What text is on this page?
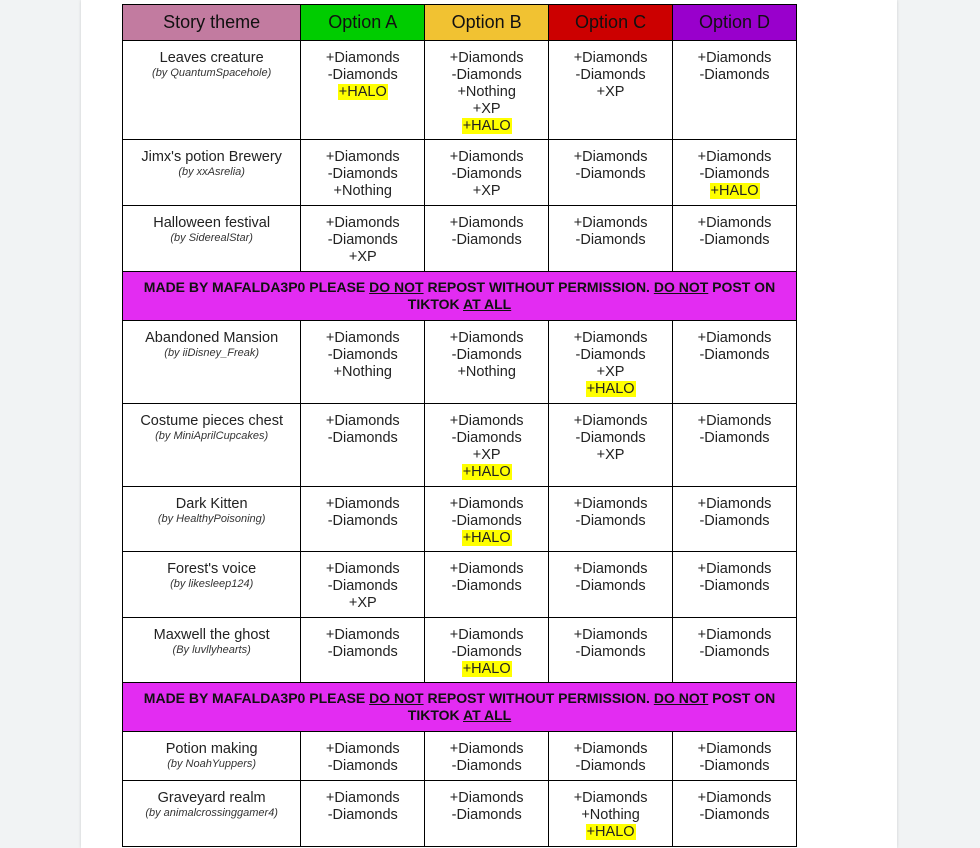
Story theme	Option A	Option B	Option C	Option D

Leaves creature
(by QuantumSpacehole)	+Diamonds
-Diamonds
+HALO	+Diamonds
-Diamonds
+Nothing
+XP
+HALO	+Diamonds
-Diamonds
+XP	+Diamonds
-Diamonds

Jimx's potion Brewery
(by xxAsrelia)	+Diamonds
-Diamonds
+Nothing	+Diamonds
-Diamonds
+XP	+Diamonds
-Diamonds	+Diamonds
-Diamonds
+HALO

Halloween festival
(by SiderealStar)	+Diamonds
-Diamonds
+XP	+Diamonds
-Diamonds	+Diamonds
-Diamonds	+Diamonds
-Diamonds

MADE BY MAFALDA3P0 PLEASE DO NOT REPOST WITHOUT PERMISSION. DO NOT POST ON TIKTOK AT ALL				

Abandoned Mansion
(by iiDisney_Freak)	+Diamonds
-Diamonds
+Nothing	+Diamonds
-Diamonds
+Nothing	+Diamonds
-Diamonds
+XP
+HALO	+Diamonds
-Diamonds

Costume pieces chest
(by MiniAprilCupcakes)	+Diamonds
-Diamonds	+Diamonds
-Diamonds
+XP
+HALO	+Diamonds
-Diamonds
+XP	+Diamonds
-Diamonds

Dark Kitten
(by HealthyPoisoning)	+Diamonds
-Diamonds	+Diamonds
-Diamonds
+HALO	+Diamonds
-Diamonds	+Diamonds
-Diamonds

Forest's voice
(by likesleep124)	+Diamonds
-Diamonds
+XP	+Diamonds
-Diamonds	+Diamonds
-Diamonds	+Diamonds
-Diamonds

Maxwell the ghost
(By luvllyhearts)	+Diamonds
-Diamonds	+Diamonds
-Diamonds
+HALO	+Diamonds
-Diamonds	+Diamonds
-Diamonds

MADE BY MAFALDA3P0 PLEASE DO NOT REPOST WITHOUT PERMISSION. DO NOT POST ON TIKTOK AT ALL				

Potion making
(by NoahYuppers)	+Diamonds
-Diamonds	+Diamonds
-Diamonds	+Diamonds
-Diamonds	+Diamonds
-Diamonds

Graveyard realm
(by animalcrossinggamer4)	+Diamonds
-Diamonds	+Diamonds
-Diamonds	+Diamonds
+Nothing
+HALO	+Diamonds
-Diamonds
